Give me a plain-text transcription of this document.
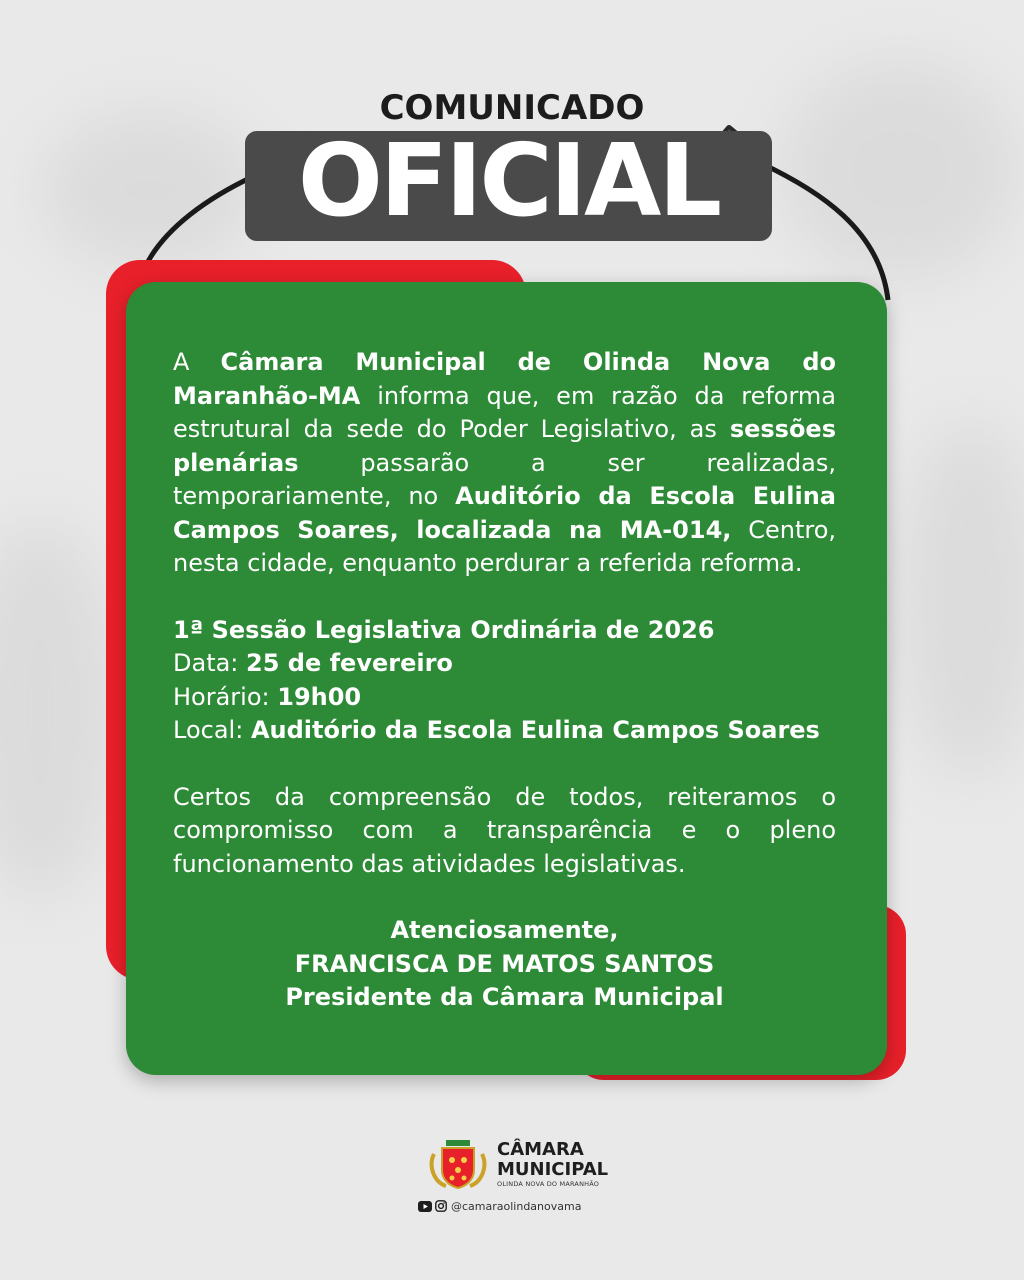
COMUNICADO
OFICIAL

A Câmara Municipal de Olinda Nova do Maranhão-MA informa que, em razão da reforma estrutural da sede do Poder Legislativo, as sessões plenárias passarão a ser realizadas, temporariamente, no Auditório da Escola Eulina Campos Soares, localizada na MA-014, Centro, nesta cidade, enquanto perdurar a referida reforma.

1ª Sessão Legislativa Ordinária de 2026

Data: 25 de fevereiro

Horário: 19h00

Local: Auditório da Escola Eulina Campos Soares

Certos da compreensão de todos, reiteramos o compromisso com a transparência e o pleno funcionamento das atividades legislativas.

Atenciosamente,

FRANCISCA DE MATOS SANTOS

Presidente da Câmara Municipal

CÂMARA
MUNICIPAL
OLINDA NOVA DO MARANHÃO
@camaraolindanovama
